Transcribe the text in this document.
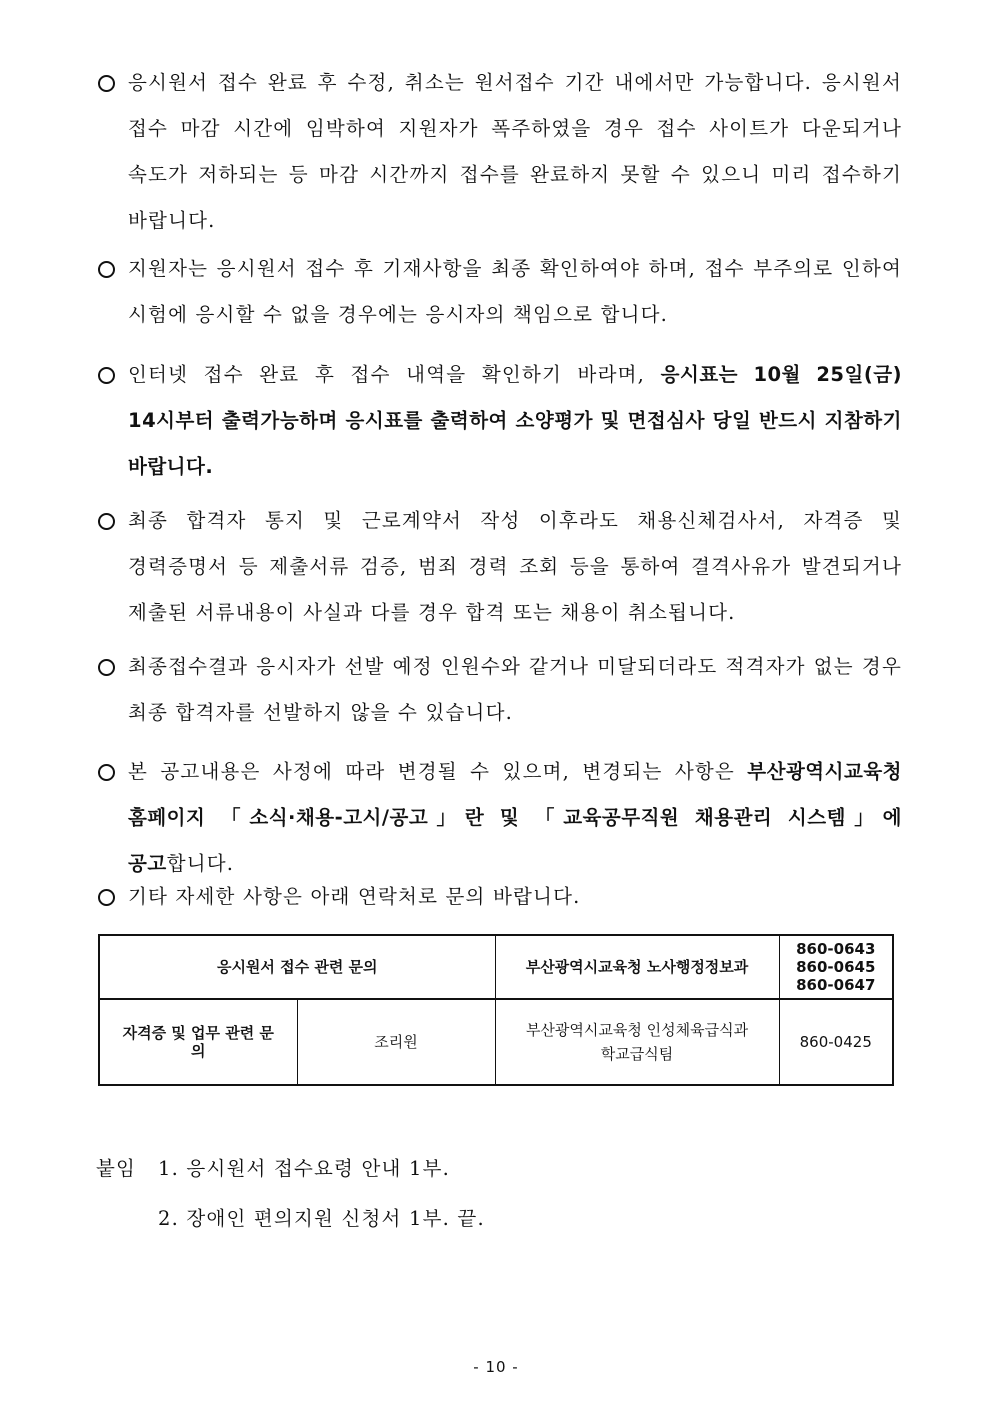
응시원서 접수 완료 후 수정, 취소는 원서접수 기간 내에서만 가능합니다. 응시원서 접수 마감 시간에 임박하여 지원자가 폭주하였을 경우 접수 사이트가 다운되거나 속도가 저하되는 등 마감 시간까지 접수를 완료하지 못할 수 있으니 미리 접수하기 바랍니다.
지원자는 응시원서 접수 후 기재사항을 최종 확인하여야 하며, 접수 부주의로 인하여 시험에 응시할 수 없을 경우에는 응시자의 책임으로 합니다.
인터넷 접수 완료 후 접수 내역을 확인하기 바라며, 응시표는 10월 25일(금) 14시부터 출력가능하며 응시표를 출력하여 소양평가 및 면접심사 당일 반드시 지참하기 바랍니다.
최종 합격자 통지 및 근로계약서 작성 이후라도 채용신체검사서, 자격증 및 경력증명서 등 제출서류 검증, 범죄 경력 조회 등을 통하여 결격사유가 발견되거나 제출된 서류내용이 사실과 다를 경우 합격 또는 채용이 취소됩니다.
최종접수결과 응시자가 선발 예정 인원수와 같거나 미달되더라도 적격자가 없는 경우 최종 합격자를 선발하지 않을 수 있습니다.
본 공고내용은 사정에 따라 변경될 수 있으며, 변경되는 사항은 부산광역시교육청 홈페이지 「소식·채용-고시/공고」란 및 「교육공무직원 채용관리 시스템」에 공고합니다.
기타 자세한 사항은 아래 연락처로 문의 바랍니다.
응시원서 접수 관련 문의		부산광역시교육청 노사행정정보과	860-0643
860-0645
860-0647

자격증 및 업무 관련 문의	조리원	부산광역시교육청 인성체육급식과 학교급식팀	860-0425
붙임 1. 응시원서 접수요령 안내 1부.
2. 장애인 편의지원 신청서 1부. 끝.
- 10 -
